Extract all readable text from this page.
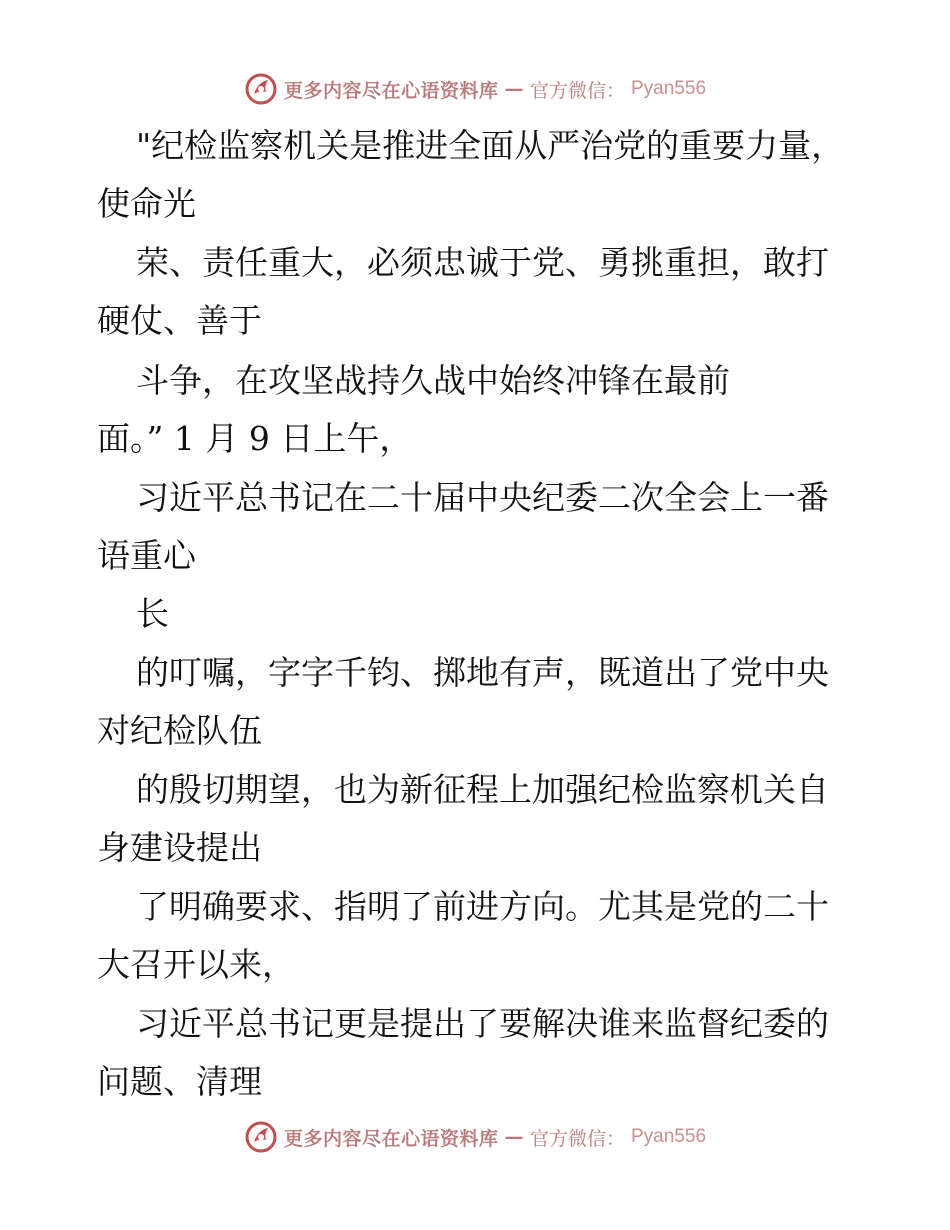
更多内容尽在心语资料库 — 官方微信： Pyan556
"纪检监察机关是推进全面从严治党的重要力量，
使命光
荣、责任重大，必须忠诚于党、勇挑重担，敢打
硬仗、善于
斗争，在攻坚战持久战中始终冲锋在最前
面。” 1 月 9 日上午，
习近平总书记在二十届中央纪委二次全会上一番
语重心
长
的叮嘱，字字千钧、掷地有声，既道出了党中央
对纪检队伍
的殷切期望，也为新征程上加强纪检监察机关自
身建设提出
了明确要求、指明了前进方向。尤其是党的二十
大召开以来，
习近平总书记更是提出了要解决谁来监督纪委的
问题、清理
更多内容尽在心语资料库 — 官方微信： Pyan556
